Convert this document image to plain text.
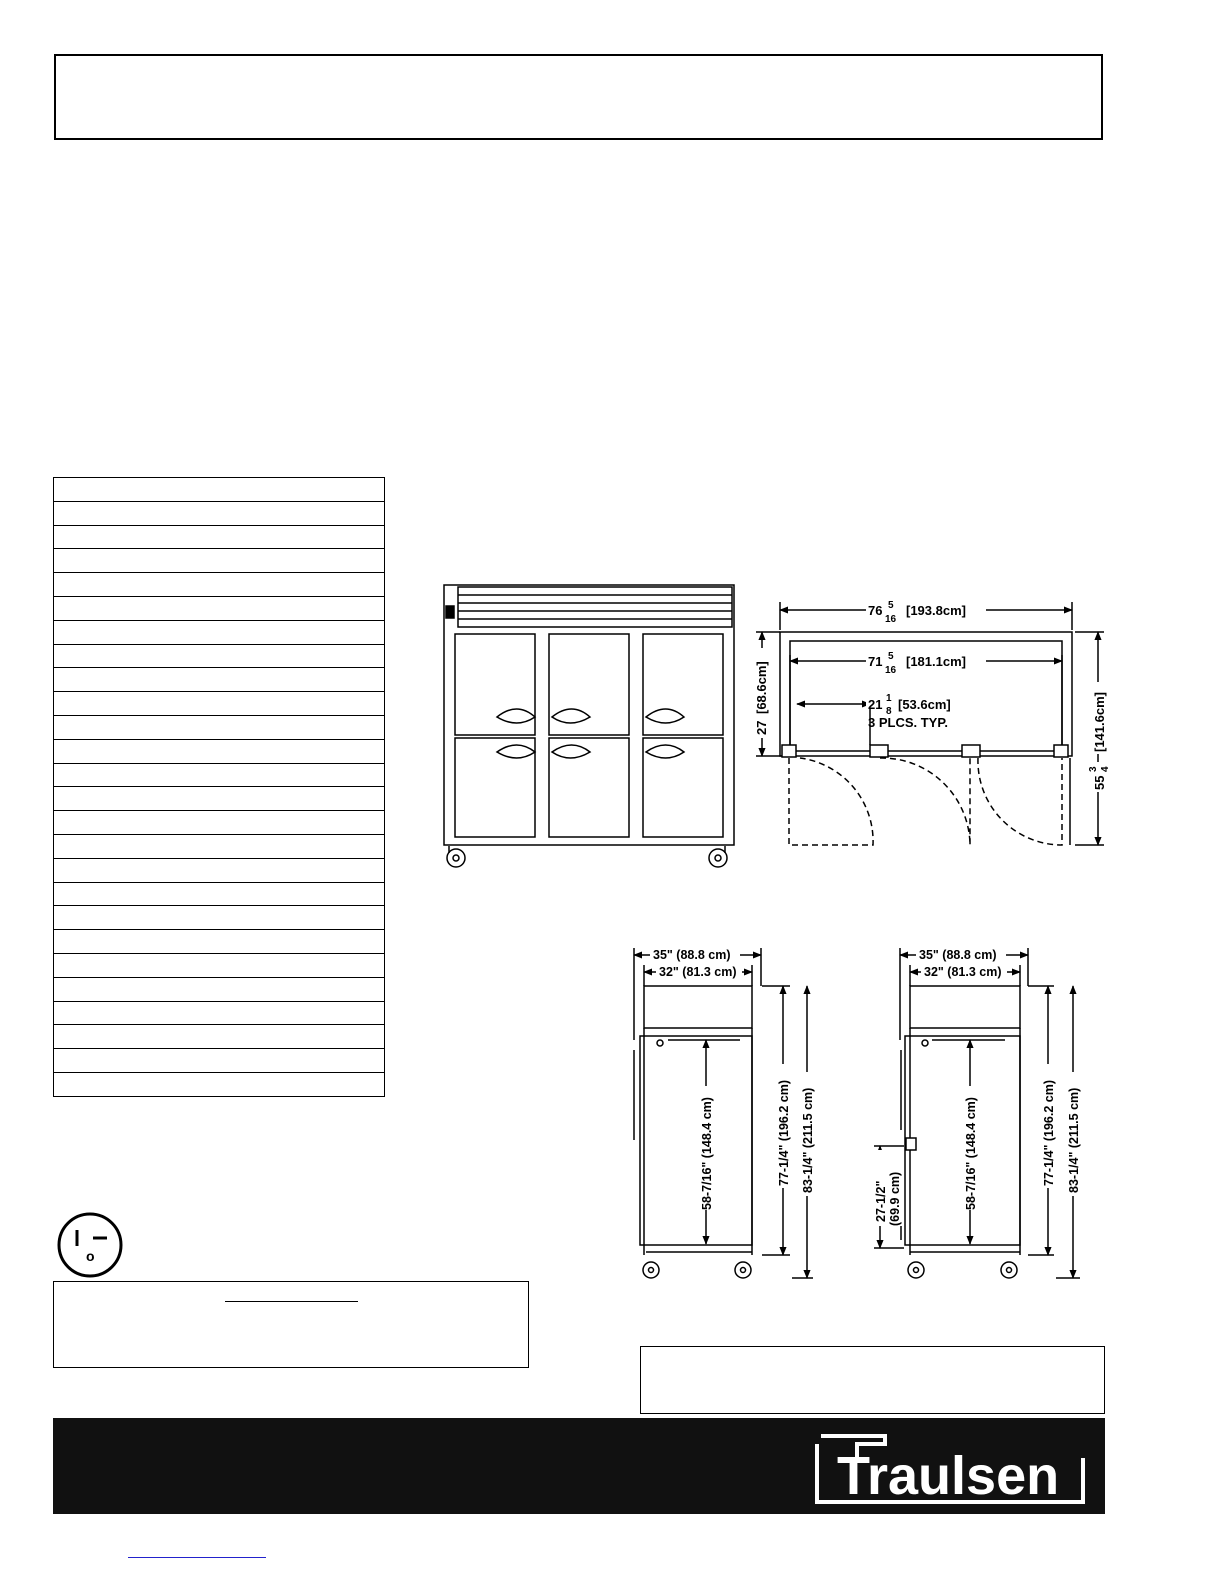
76 5
16
[193.8cm]
71 5
16
[181.1cm]
21 1
8 [53.6cm]
3 PLCS. TYP.
27
[68.6cm]
[141.6cm]
55
3 4
35" (88.8 cm)
32" (81.3 cm)
58-7/16" (148.4 cm)	77-1/4" (196.2 cm) 83-1/4" (211.5 cm)
35" (88.8 cm)
32" (81.3 cm)
58-7/16" (148.4 cm)
27-1/2" (69.9 cm)
77-1/4" (196.2 cm) 83-1/4" (211.5 cm)
o
Traulsen
